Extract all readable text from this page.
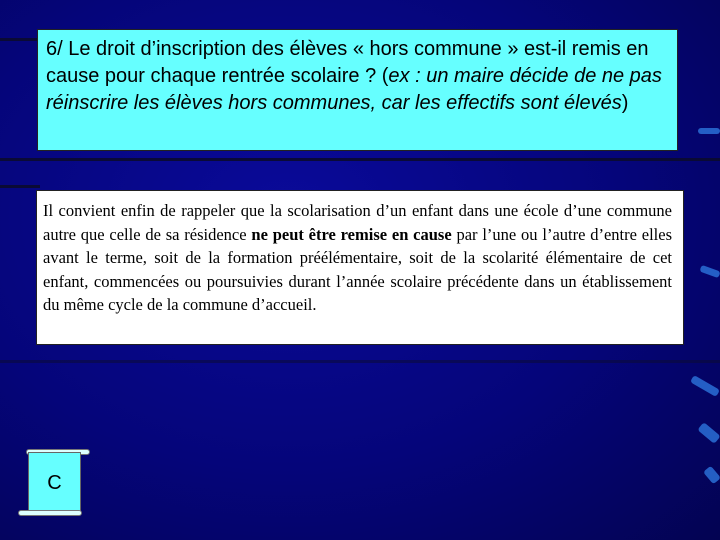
6/ Le droit d’inscription des élèves « hors commune » est-il remis en cause pour chaque rentrée scolaire ? (ex : un maire décide de ne pas réinscrire les élèves hors communes, car les effectifs sont élevés)
Il convient enfin de rappeler que la scolarisation d’un enfant dans une école d’une commune autre que celle de sa résidence ne peut être remise en cause par l’une ou l’autre d’entre elles avant le terme, soit de la formation préélémentaire, soit de la scolarité élémentaire de cet enfant, commencées ou poursuivies durant l’année scolaire précédente dans un établissement du même cycle de la commune d’accueil.
C
